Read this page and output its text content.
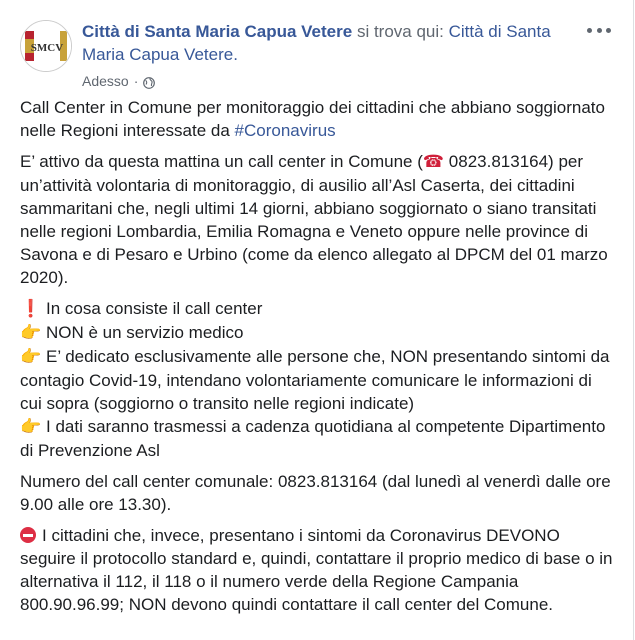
SMCV
Città di Santa Maria Capua Vetere si trova qui: Città di Santa Maria Capua Vetere.
Adesso ·

Call Center in Comune per monitoraggio dei cittadini che abbiano soggiornato nelle Regioni interessate da #Coronavirus

E’ attivo da questa mattina un call center in Comune (☎ 0823.813164) per un’attività volontaria di monitoraggio, di ausilio all’Asl Caserta, dei cittadini sammaritani che, negli ultimi 14 giorni, abbiano soggiornato o siano transitati nelle regioni Lombardia, Emilia Romagna e Veneto oppure nelle province di Savona e di Pesaro e Urbino (come da elenco allegato al DPCM del 01 marzo 2020).

❗ In cosa consiste il call center
👉 NON è un servizio medico
👉 E’ dedicato esclusivamente alle persone che, NON presentando sintomi da contagio Covid-19, intendano volontariamente comunicare le informazioni di cui sopra (soggiorno o transito nelle regioni indicate)
👉 I dati saranno trasmessi a cadenza quotidiana al competente Dipartimento di Prevenzione Asl

Numero del call center comunale: 0823.813164 (dal lunedì al venerdì dalle ore 9.00 alle ore 13.30).

I cittadini che, invece, presentano i sintomi da Coronavirus DEVONO seguire il protocollo standard e, quindi, contattare il proprio medico di base o in alternativa il 112, il 118 o il numero verde della Regione Campania 800.90.96.99; NON devono quindi contattare il call center del Comune.
